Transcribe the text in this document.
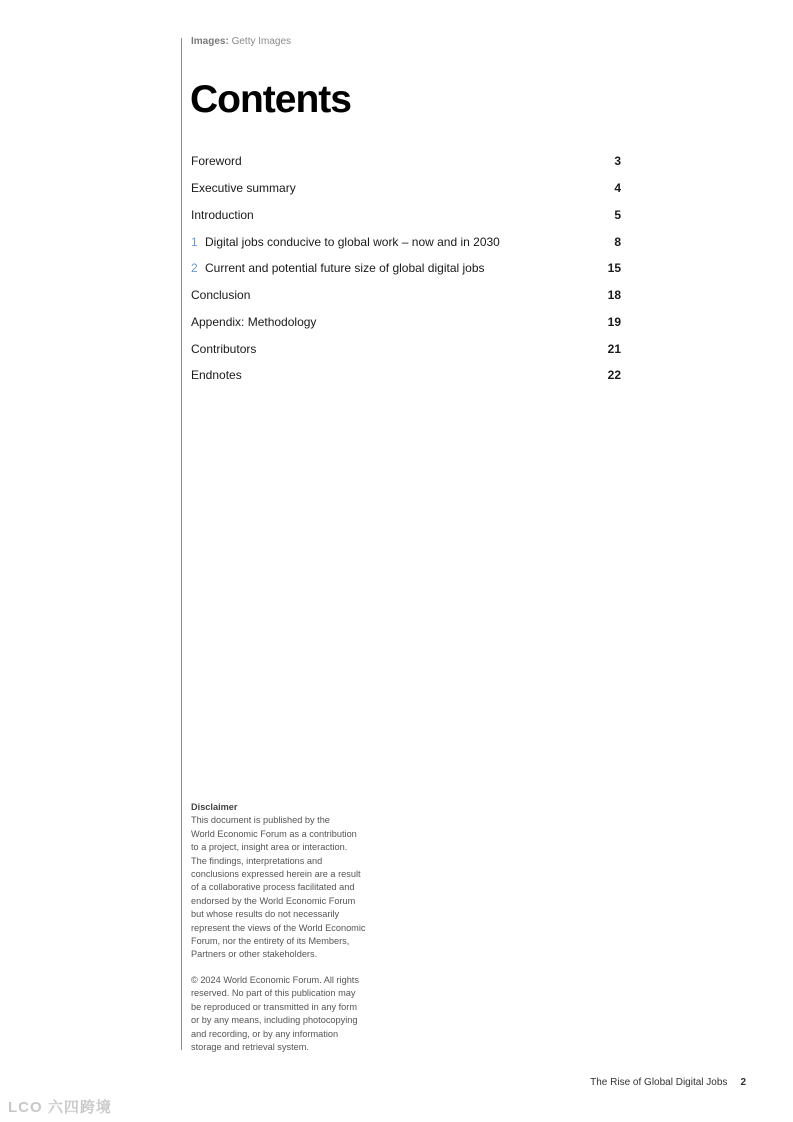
Images: Getty Images
Contents
Foreword	3
Executive summary	4
Introduction	5
1 Digital jobs conducive to global work – now and in 2030	8
2 Current and potential future size of global digital jobs	15
Conclusion	18
Appendix: Methodology	19
Contributors	21
Endnotes	22

Disclaimer

This document is published by the

World Economic Forum as a contribution

to a project, insight area or interaction.

The findings, interpretations and

conclusions expressed herein are a result

of a collaborative process facilitated and

endorsed by the World Economic Forum

but whose results do not necessarily

represent the views of the World Economic

Forum, nor the entirety of its Members,

Partners or other stakeholders.

© 2024 World Economic Forum. All rights

reserved. No part of this publication may

be reproduced or transmitted in any form

or by any means, including photocopying

and recording, or by any information

storage and retrieval system.

The Rise of Global Digital Jobs 2
LCO 六四跨境
